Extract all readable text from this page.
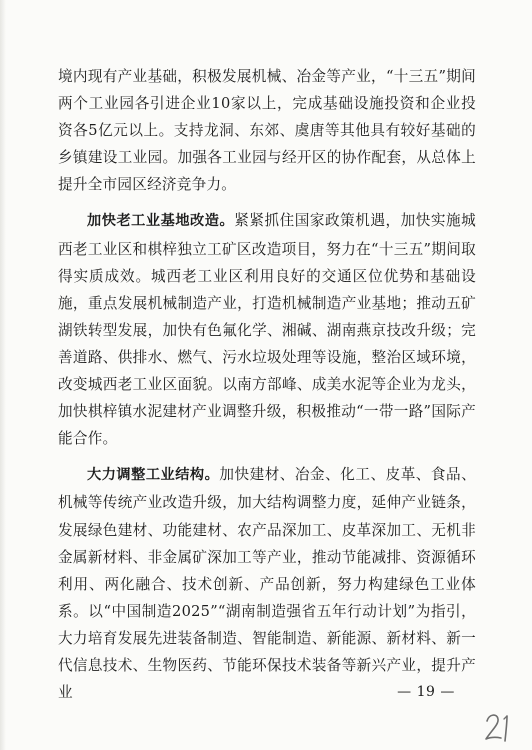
境内现有产业基础，积极发展机械、冶金等产业，“十三五”期间两个工业园各引进企业10家以上，完成基础设施投资和企业投资各5亿元以上。支持龙洞、东郊、虞唐等其他具有较好基础的乡镇建设工业园。加强各工业园与经开区的协作配套，从总体上提升全市园区经济竞争力。

加快老工业基地改造。紧紧抓住国家政策机遇，加快实施城西老工业区和棋梓独立工矿区改造项目，努力在“十三五”期间取得实质成效。城西老工业区利用良好的交通区位优势和基础设施，重点发展机械制造产业，打造机械制造产业基地；推动五矿湖铁转型发展，加快有色氟化学、湘碱、湖南燕京技改升级；完善道路、供排水、燃气、污水垃圾处理等设施，整治区域环境，改变城西老工业区面貌。以南方部峰、成美水泥等企业为龙头，加快棋梓镇水泥建材产业调整升级，积极推动“一带一路”国际产能合作。

大力调整工业结构。加快建材、冶金、化工、皮革、食品、机械等传统产业改造升级，加大结构调整力度，延伸产业链条，发展绿色建材、功能建材、农产品深加工、皮革深加工、无机非金属新材料、非金属矿深加工等产业，推动节能减排、资源循环利用、两化融合、技术创新、产品创新，努力构建绿色工业体系。以“中国制造2025”“湖南制造强省五年行动计划”为指引，大力培育发展先进装备制造、智能制造、新能源、新材料、新一代信息技术、生物医药、节能环保技术装备等新兴产业，提升产业	— 19 —
